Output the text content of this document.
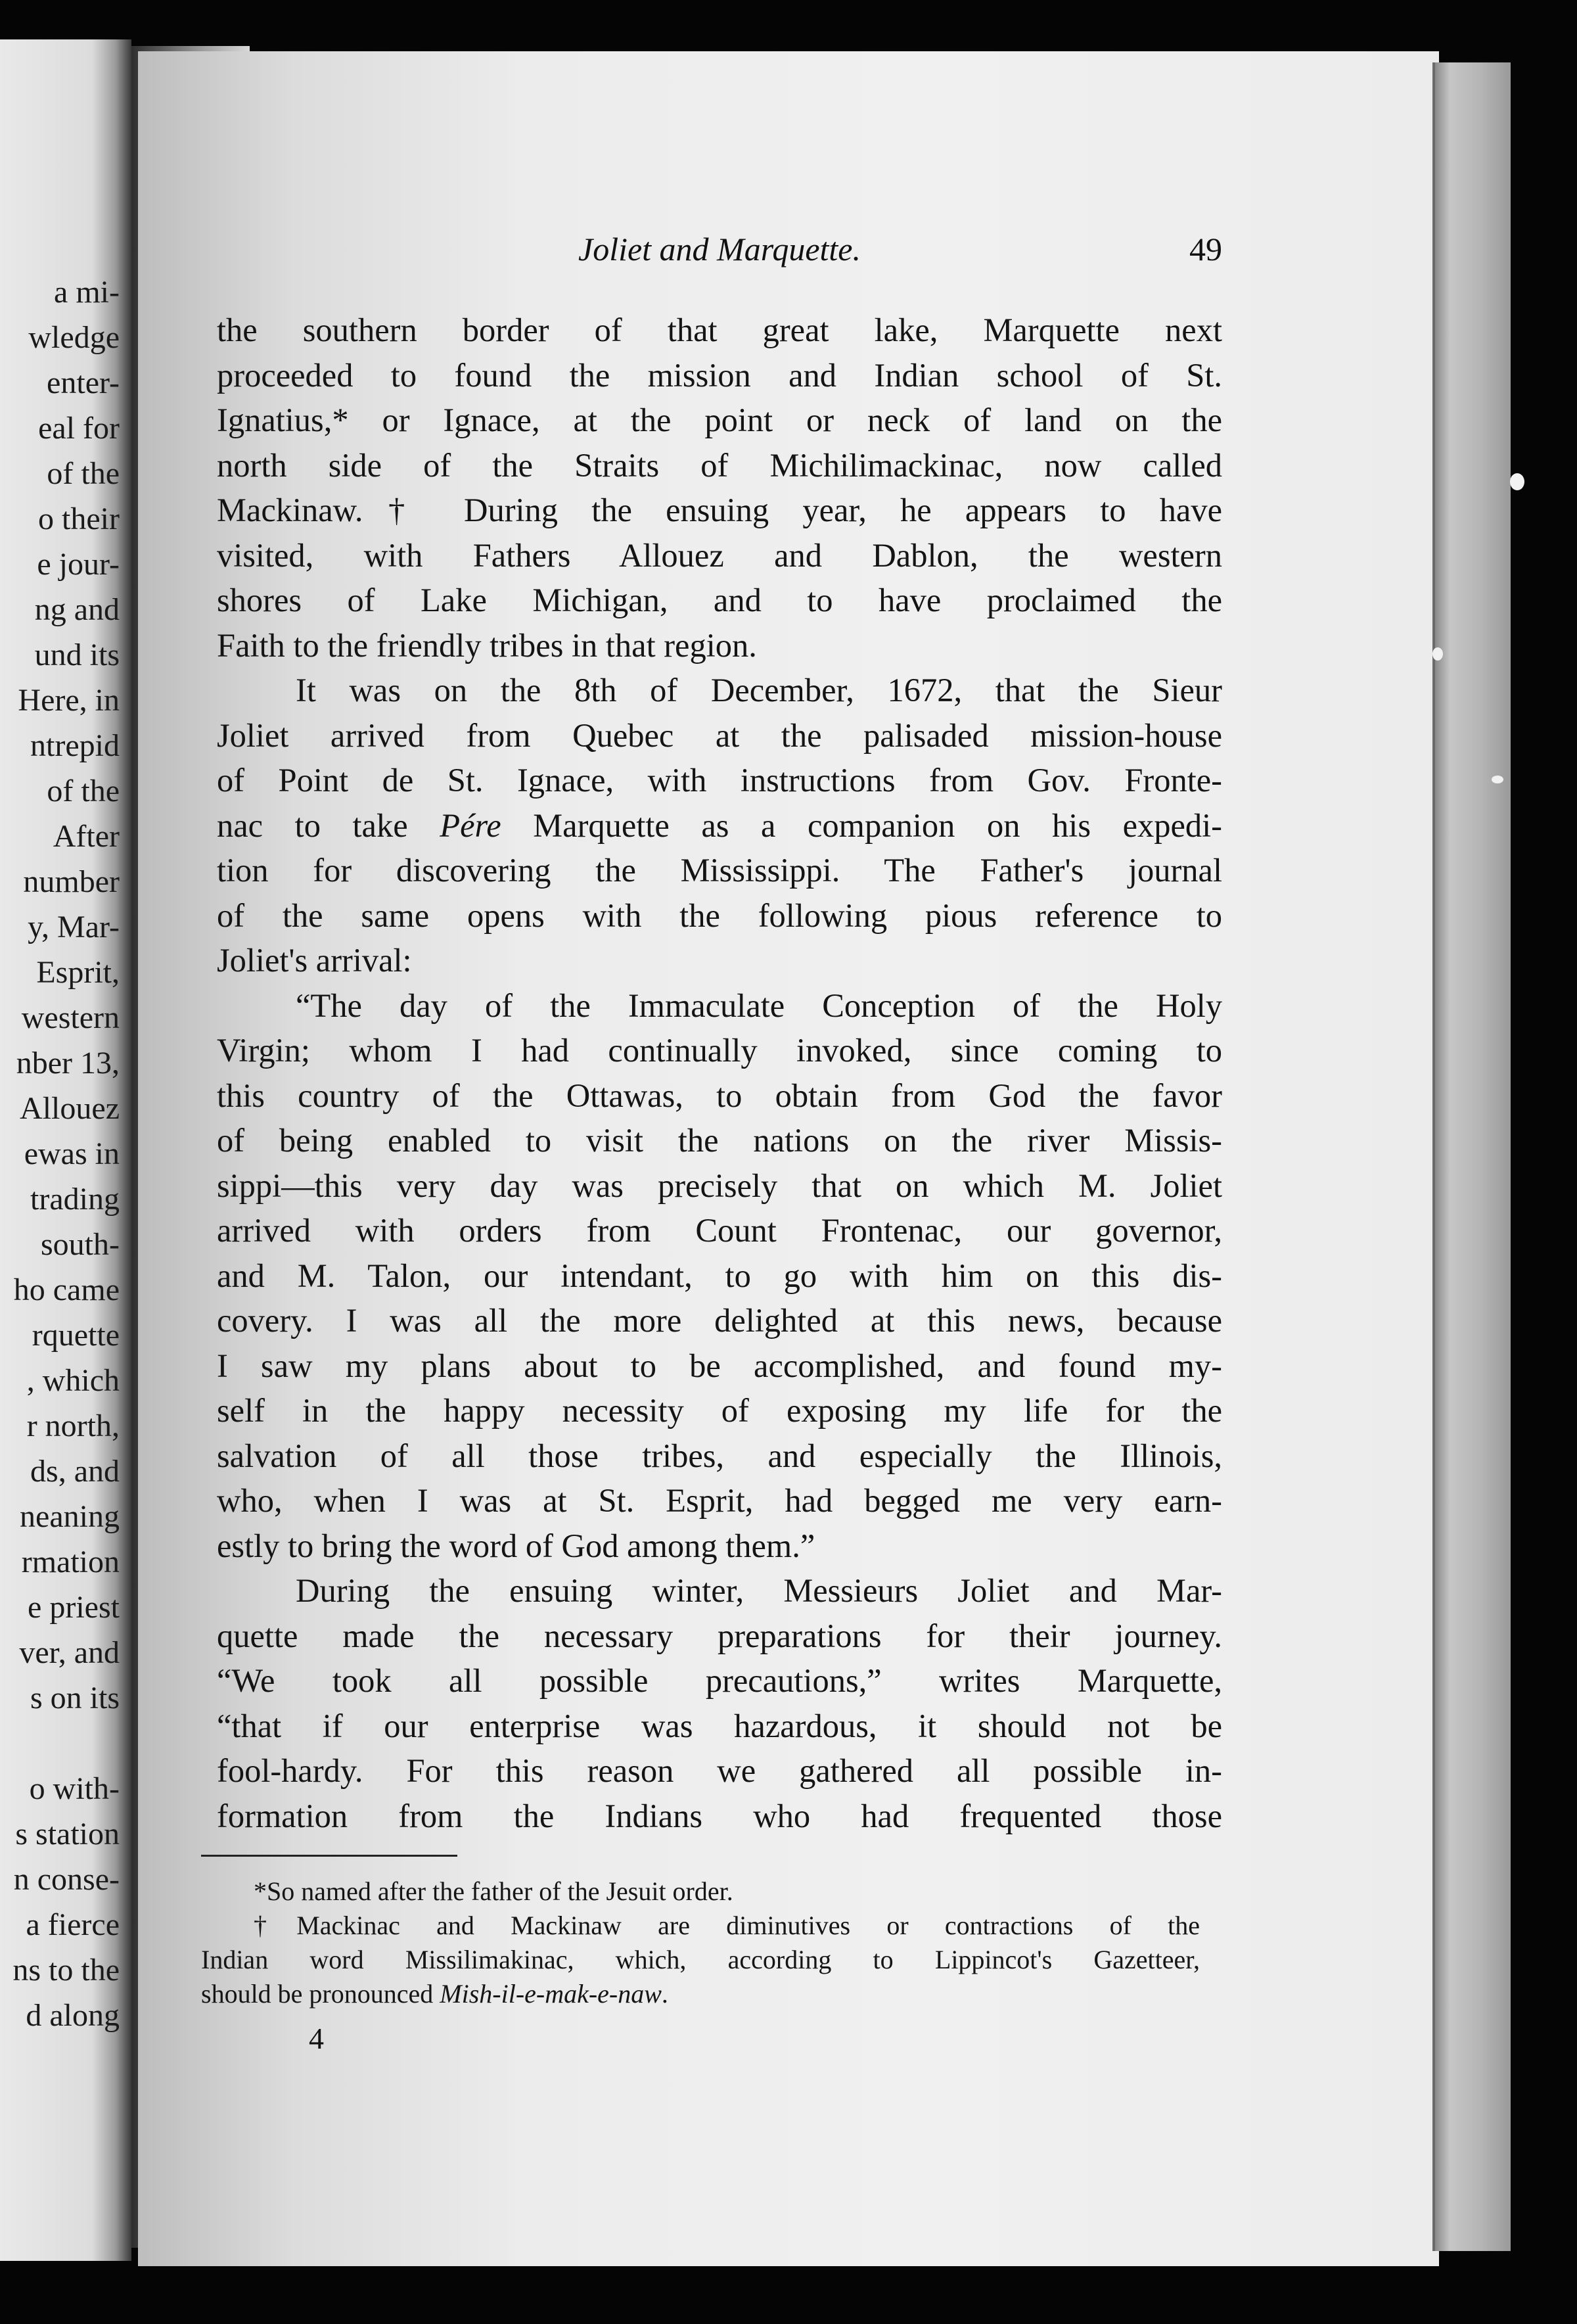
a mi-
wledge
enter-
eal for
of the
o their
e jour-
ng and
und its
Here, in
ntrepid
of the
After
number
y, Mar-
Esprit,
western
nber 13,
Allouez
ewas in
trading
south-
ho came
rquette
, which
r north,
ds, and
neaning
rmation
e priest
ver, and
s on its
o with-
s station
n conse-
a fierce
ns to the
d along
Joliet and Marquette.	49
the southern border of that great lake, Marquette next
proceeded to found the mission and Indian school of St.
Ignatius,* or Ignace, at the point or neck of land on the
north side of the Straits of Michilimackinac, now called
Mackinaw.† During the ensuing year, he appears to have
visited, with Fathers Allouez and Dablon, the western
shores of Lake Michigan, and to have proclaimed the
Faith to the friendly tribes in that region.
It was on the 8th of December, 1672, that the Sieur
Joliet arrived from Quebec at the palisaded mission-house
of Point de St. Ignace, with instructions from Gov. Fronte-
nac to take Pére Marquette as a companion on his expedi-
tion for discovering the Mississippi. The Father's journal
of the same opens with the following pious reference to
Joliet's arrival:
“The day of the Immaculate Conception of the Holy
Virgin; whom I had continually invoked, since coming to
this country of the Ottawas, to obtain from God the favor
of being enabled to visit the nations on the river Missis-
sippi—this very day was precisely that on which M. Joliet
arrived with orders from Count Frontenac, our governor,
and M. Talon, our intendant, to go with him on this dis-
covery. I was all the more delighted at this news, because
I saw my plans about to be accomplished, and found my-
self in the happy necessity of exposing my life for the
salvation of all those tribes, and especially the Illinois,
who, when I was at St. Esprit, had begged me very earn-
estly to bring the word of God among them.”
During the ensuing winter, Messieurs Joliet and Mar-
quette made the necessary preparations for their journey.
“We took all possible precautions,” writes Marquette,
“that if our enterprise was hazardous, it should not be
fool-hardy. For this reason we gathered all possible in-
formation from the Indians who had frequented those
*So named after the father of the Jesuit order.
†Mackinac and Mackinaw are diminutives or contractions of the
Indian word Missilimakinac, which, according to Lippincot's Gazetteer,
should be pronounced Mish-il-e-mak-e-naw.
4
